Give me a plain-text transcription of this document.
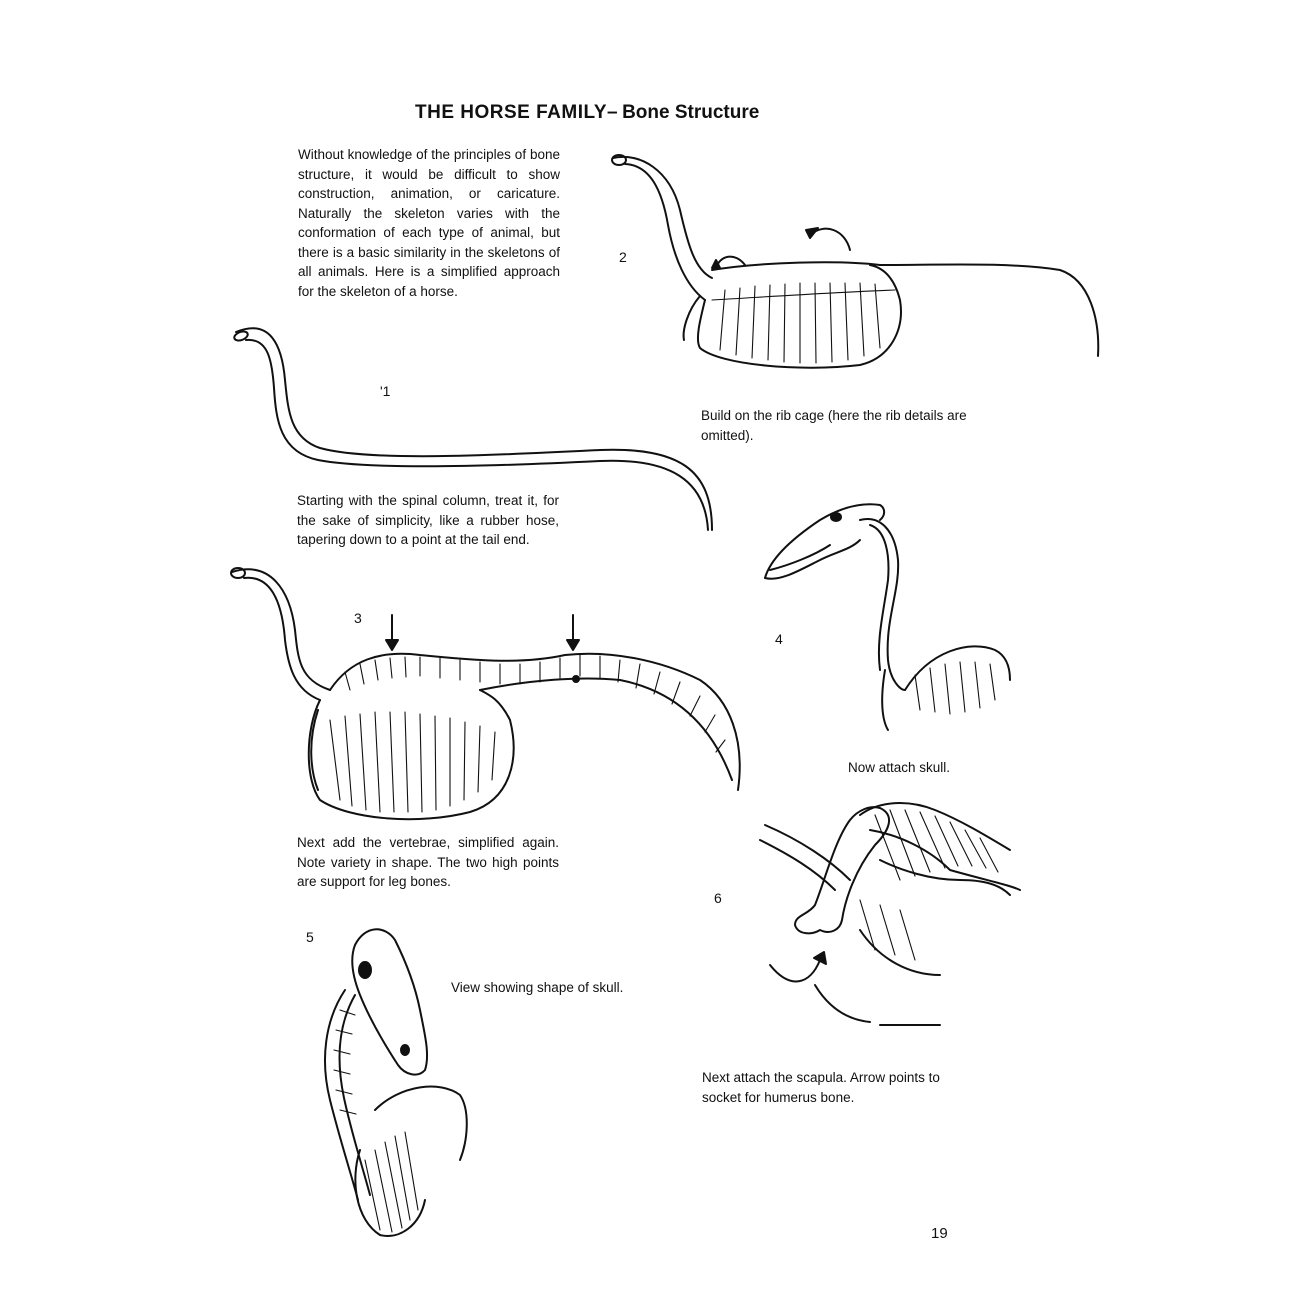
THE HORSE FAMILY– Bone Structure

Without knowledge of the principles of bone structure, it would be difficult to show construction, animation, or caricature. Naturally the skeleton varies with the conformation of each type of animal, but there is a basic similarity in the skeletons of all animals. Here is a simplified approach for the skeleton of a horse.

'1

Starting with the spinal column, treat it, for the sake of simplicity, like a rubber hose, tapering down to a point at the tail end.

2

Build on the rib cage (here the rib details are omitted).

3

Next add the vertebrae, simplified again. Note variety in shape. The two high points are support for leg bones.

4

Now attach skull.

5

View showing shape of skull.

6

Next attach the scapula. Arrow points to socket for humerus bone.

19
